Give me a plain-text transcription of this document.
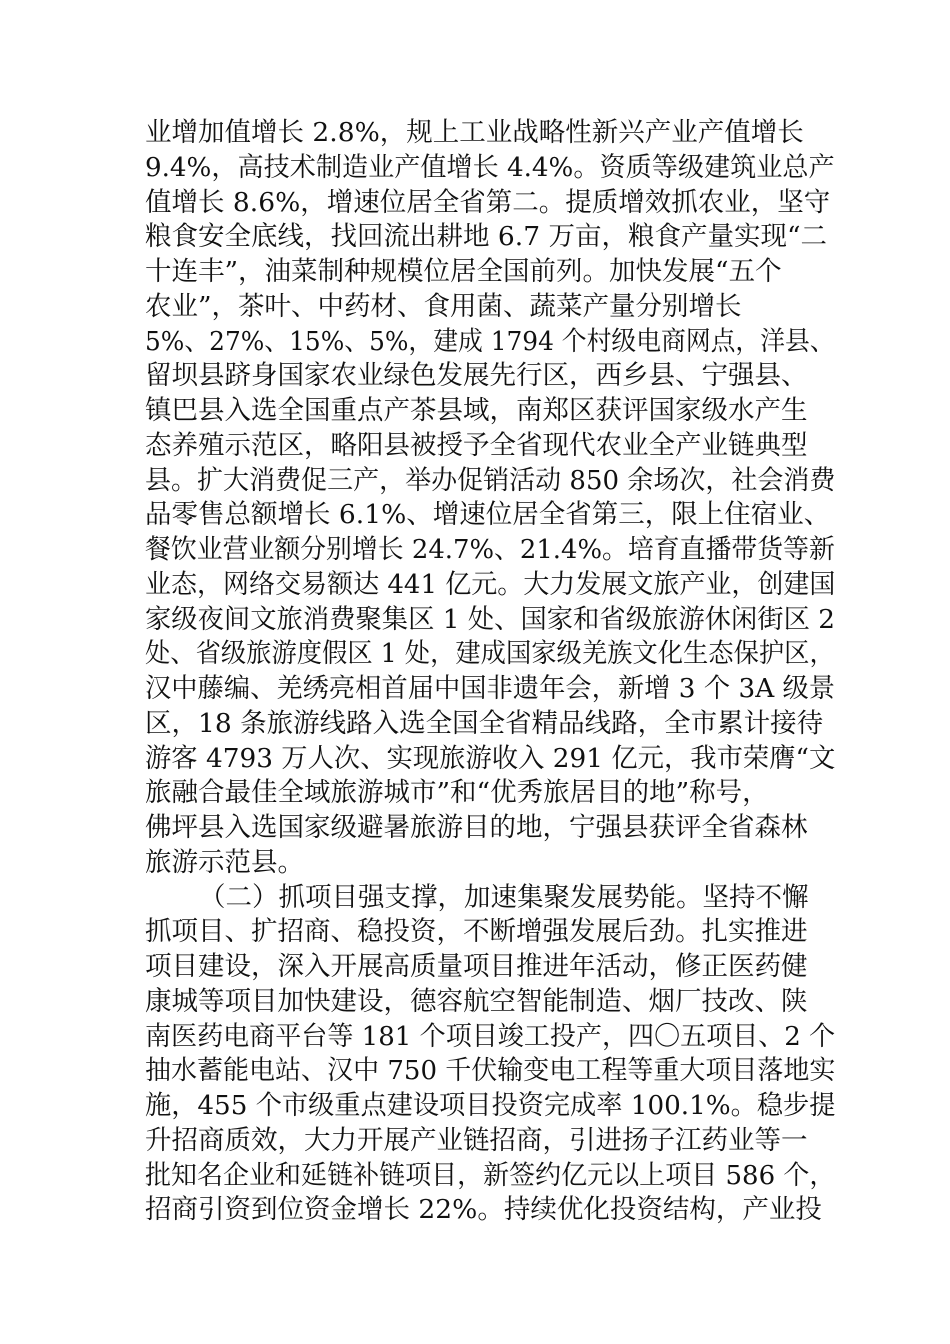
业增加值增长 2.8%，规上工业战略性新兴产业产值增长
9.4%，高技术制造业产值增长 4.4%。资质等级建筑业总产
值增长 8.6%，增速位居全省第二。提质增效抓农业，坚守
粮食安全底线，找回流出耕地 6.7 万亩，粮食产量实现“二
十连丰”，油菜制种规模位居全国前列。加快发展“五个
农业”，茶叶、中药材、食用菌、蔬菜产量分别增长
5%、27%、15%、5%，建成 1794 个村级电商网点，洋县、
留坝县跻身国家农业绿色发展先行区，西乡县、宁强县、
镇巴县入选全国重点产茶县域，南郑区获评国家级水产生
态养殖示范区，略阳县被授予全省现代农业全产业链典型
县。扩大消费促三产，举办促销活动 850 余场次，社会消费
品零售总额增长 6.1%、增速位居全省第三，限上住宿业、
餐饮业营业额分别增长 24.7%、21.4%。培育直播带货等新
业态，网络交易额达 441 亿元。大力发展文旅产业，创建国
家级夜间文旅消费聚集区 1 处、国家和省级旅游休闲街区 2
处、省级旅游度假区 1 处，建成国家级羌族文化生态保护区，
汉中藤编、羌绣亮相首届中国非遗年会，新增 3 个 3A 级景
区，18 条旅游线路入选全国全省精品线路，全市累计接待
游客 4793 万人次、实现旅游收入 291 亿元，我市荣膺“文
旅融合最佳全域旅游城市”和“优秀旅居目的地”称号，
佛坪县入选国家级避暑旅游目的地，宁强县获评全省森林
旅游示范县。
（二）抓项目强支撑，加速集聚发展势能。坚持不懈
抓项目、扩招商、稳投资，不断增强发展后劲。扎实推进
项目建设，深入开展高质量项目推进年活动，修正医药健
康城等项目加快建设，德容航空智能制造、烟厂技改、陕
南医药电商平台等 181 个项目竣工投产，四〇五项目、2 个
抽水蓄能电站、汉中 750 千伏输变电工程等重大项目落地实
施，455 个市级重点建设项目投资完成率 100.1%。稳步提
升招商质效，大力开展产业链招商，引进扬子江药业等一
批知名企业和延链补链项目，新签约亿元以上项目 586 个，
招商引资到位资金增长 22%。持续优化投资结构，产业投
